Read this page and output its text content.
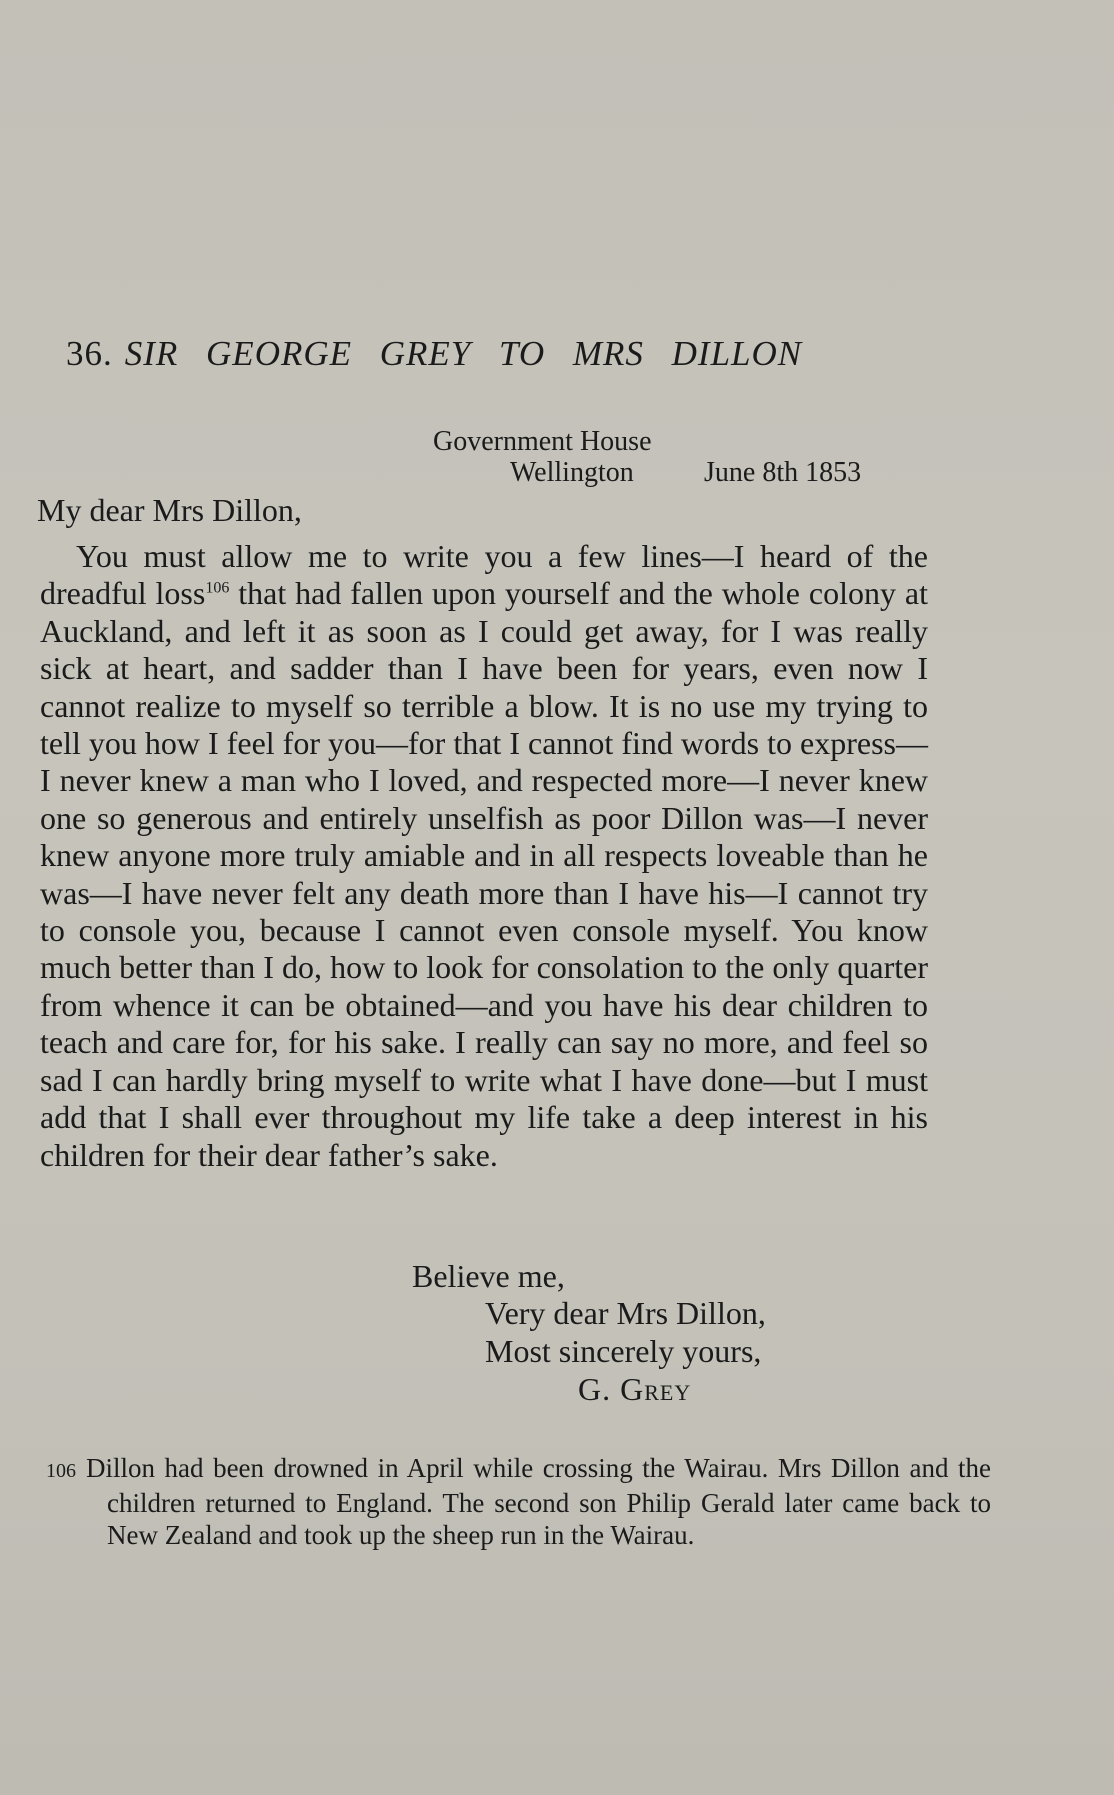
36. SIR GEORGE GREY TO MRS DILLON

Government House

Wellington	June 8th 1853

My dear Mrs Dillon,

You must allow me to write you a few lines—I heard of the dreadful loss$^{106}$ that had fallen upon yourself and the whole colony at Auckland, and left it as soon as I could get away, for I was really sick at heart, and sadder than I have been for years, even now I cannot realize to myself so terrible a blow. It is no use my trying to tell you how I feel for you—for that I cannot find words to express—I never knew a man who I loved, and respected more—I never knew one so generous and entirely unselfish as poor Dillon was—I never knew anyone more truly amiable and in all respects loveable than he was—I have never felt any death more than I have his—I cannot try to console you, because I cannot even console myself. You know much better than I do, how to look for consolation to the only quarter from whence it can be obtained—and you have his dear children to teach and care for, for his sake. I really can say no more, and feel so sad I can hardly bring myself to write what I have done—but I must add that I shall ever throughout my life take a deep interest in his children for their dear father’s sake.

Believe me,

Very dear Mrs Dillon,

Most sincerely yours,

G. Grey

106 Dillon had been drowned in April while crossing the Wairau. Mrs Dillon and the children returned to England. The second son Philip Gerald later came back to New Zealand and took up the sheep run in the Wairau.
